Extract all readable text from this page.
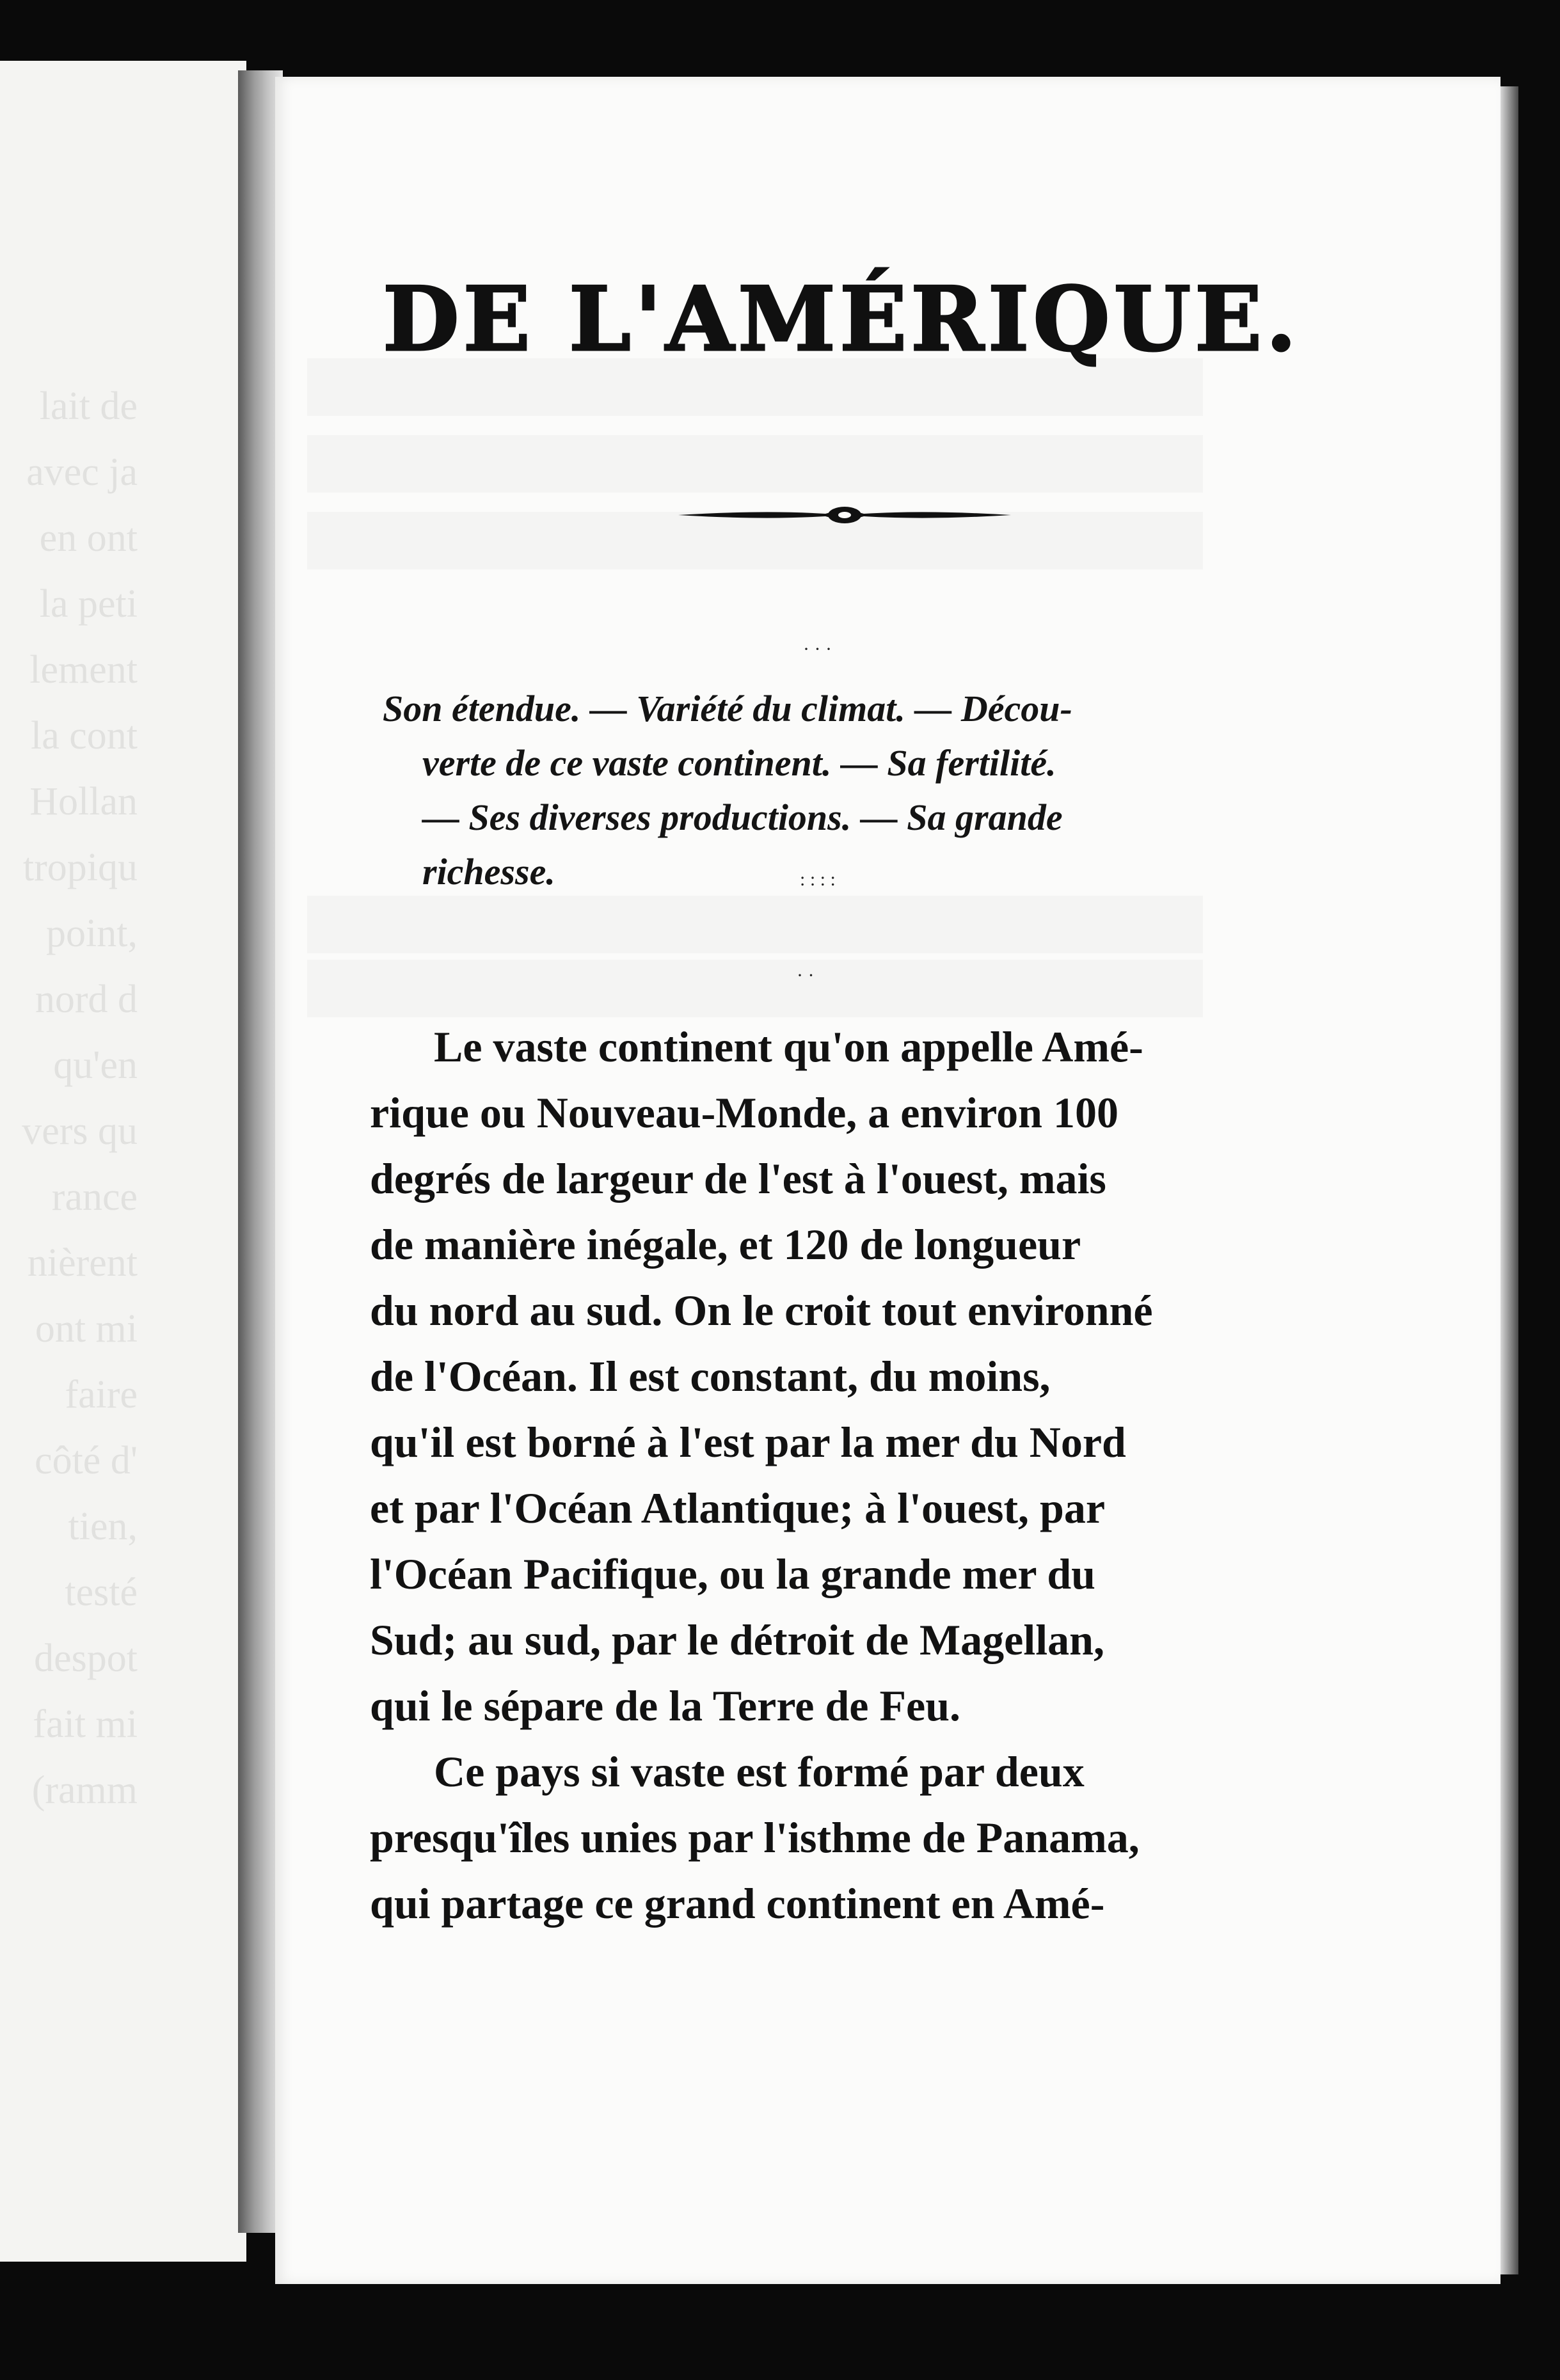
lait de
avec ja
en ont
la peti
lement
la cont
Hollan
tropiqu
point,
nord d
qu'en
vers qu
rance
nièrent
ont mi
faire
côté d'
tien,
testé
despot
fait mi
(ramm
DE L'AMÉRIQUE.
Son étendue. — Variété du climat. — Décou-
verte de ce vaste continent. — Sa fertilité.
— Ses diverses productions. — Sa grande
richesse.
· · ·
: : : :
· ·
Le vaste continent qu'on appelle Amé-
rique ou Nouveau-Monde, a environ 100
degrés de largeur de l'est à l'ouest, mais
de manière inégale, et 120 de longueur
du nord au sud. On le croit tout environné
de l'Océan. Il est constant, du moins,
qu'il est borné à l'est par la mer du Nord
et par l'Océan Atlantique; à l'ouest, par
l'Océan Pacifique, ou la grande mer du
Sud; au sud, par le détroit de Magellan,
qui le sépare de la Terre de Feu.
Ce pays si vaste est formé par deux
presqu'îles unies par l'isthme de Panama,
qui partage ce grand continent en Amé-
